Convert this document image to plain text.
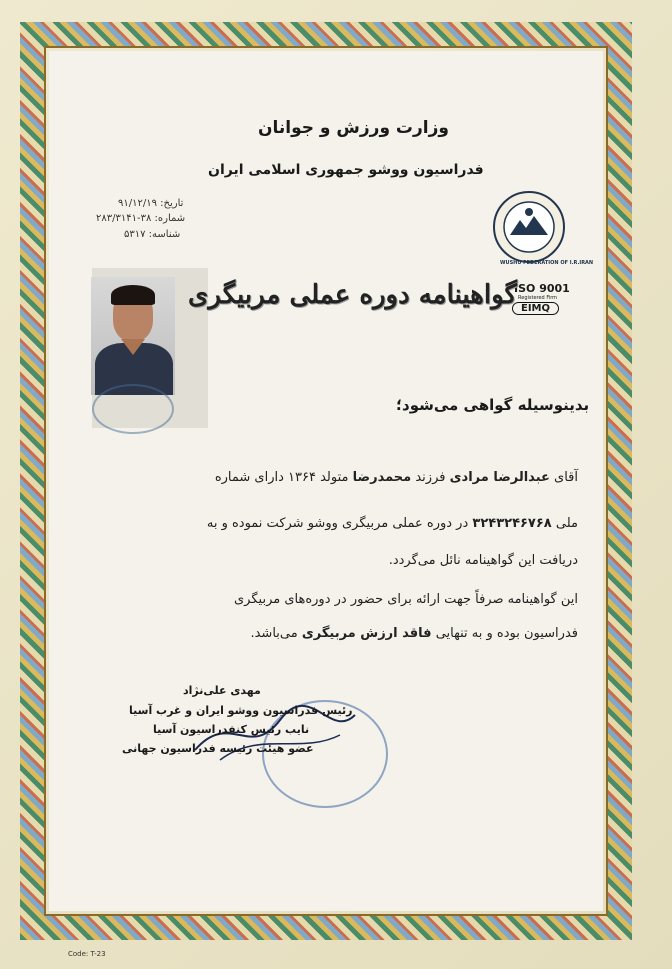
وزارت ورزش و جوانان
فدراسیون ووشو جمهوری اسلامی ایران
تاریخ: ۹۱/۱۲/۱۹
شماره: ۳۸-۲۸۳/۳۱۴۱
شناسه: ۵۳۱۷
WUSHU FEDERATION OF I.R.IRAN
ISO 9001
Registered Firm
EIMQ
گواهینامه دوره عملی مربیگری
بدینوسیله گواهی می‌شود؛
آقای عبدالرضا مرادی فرزند محمدرضا متولد ۱۳۶۴ دارای شماره
ملی ۳۲۴۳۲۴۶۷۶۸ در دوره عملی مربیگری ووشو شرکت نموده و به
دریافت این گواهینامه نائل می‌گردد.
این گواهینامه صرفاً جهت ارائه برای حضور در دوره‌های مربیگری
فدراسیون بوده و به تنهایی فاقد ارزش مربیگری می‌باشد.
مهدی علی‌نژاد
رئیس فدراسیون ووشو ایران و غرب آسیا
نایب رئیس کنفدراسیون آسیا
عضو هیئت رئیسه فدراسیون جهانی
Code: T-23
